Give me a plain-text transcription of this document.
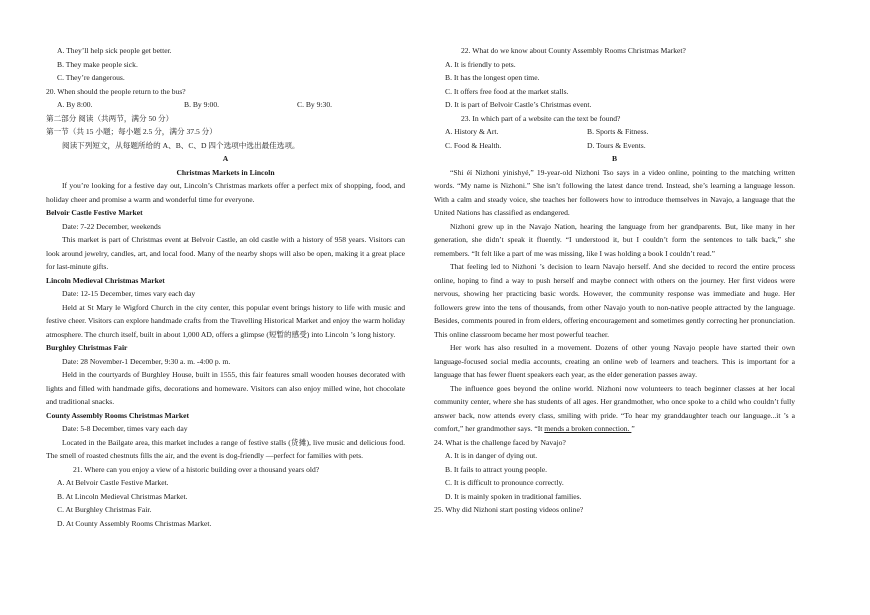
A. They’ll help sick people get better.
B. They make people sick.
C. They’re dangerous.
20. When should the people return to the bus?
A. By 8:00.	B. By 9:00.	C. By 9:30.
第二部分 阅读（共两节，满分 50 分）
第一节（共 15 小题；每小题 2.5 分，满分 37.5 分）
阅读下列短文，从每题所给的 A、B、C、D 四个选项中选出最佳选项。
A
Christmas Markets in Lincoln

If you’re looking for a festive day out, Lincoln’s Christmas markets offer a perfect mix of shopping, food, and holiday cheer and promise a warm and wonderful time for everyone.

Belvoir Castle Festive Market
Date: 7-22 December, weekends

This market is part of Christmas event at Belvoir Castle, an old castle with a history of 958 years. Visitors can look around jewelry, candles, art, and local food. Many of the nearby shops will also be open, making it a great place for last-minute gifts.

Lincoln Medieval Christmas Market
Date: 12-15 December, times vary each day

Held at St Mary le Wigford Church in the city center, this popular event brings history to life with music and festive cheer. Visitors can explore handmade crafts from the Travelling Historical Market and enjoy the warm holiday atmosphere. The church itself, built in about 1,000 AD, offers a glimpse (短暂的感受) into Lincoln ’s long history.

Burghley Christmas Fair
Date: 28 November-1 December, 9:30 a. m. -4:00 p. m.

Held in the courtyards of Burghley House, built in 1555, this fair features small wooden houses decorated with lights and filled with handmade gifts, decorations and homeware. Visitors can also enjoy milled wine, hot chocolate and traditional snacks.

County Assembly Rooms Christmas Market
Date: 5-8 December, times vary each day

Located in the Bailgate area, this market includes a range of festive stalls (货摊), live music and delicious food. The smell of roasted chestnuts fills the air, and the event is dog-friendly —perfect for families with pets.

21. Where can you enjoy a view of a historic building over a thousand years old?
A. At Belvoir Castle Festive Market.
B. At Lincoln Medieval Christmas Market.
C. At Burghley Christmas Fair.
D. At County Assembly Rooms Christmas Market.
22. What do we know about County Assembly Rooms Christmas Market?
A. It is friendly to pets.
B. It has the longest open time.
C. It offers free food at the market stalls.
D. It is part of Belvoir Castle’s Christmas event.
23. In which part of a website can the text be found?
A. History & Art.	B. Sports & Fitness.
C. Food & Health.	D. Tours & Events.
B

“Shi éí Nizhoni yinishyé,” 19-year-old Nizhoni Tso says in a video online, pointing to the matching written words. “My name is Nizhoni.” She isn’t following the latest dance trend. Instead, she’s learning a language lesson. With a calm and steady voice, she teaches her followers how to introduce themselves in Navajo, a language that the United Nations has classified as endangered.

Nizhoni grew up in the Navajo Nation, hearing the language from her grandparents. But, like many in her generation, she didn’t speak it fluently. “I understood it, but I couldn’t form the sentences to talk back,” she remembers. “It felt like a part of me was missing, like I was holding a book I couldn’t read.”

That feeling led to Nizhoni ’s decision to learn Navajo herself. And she decided to record the entire process online, hoping to find a way to push herself and maybe connect with others on the journey. Her first videos were nervous, showing her practicing basic words. However, the community response was immediate and huge. Her followers grew into the tens of thousands, from other Navajo youth to non-native people attracted by the language. Besides, comments poured in from elders, offering encouragement and sometimes gently correcting her pronunciation. This online classroom became her most powerful teacher.

Her work has also resulted in a movement. Dozens of other young Navajo people have started their own language-focused social media accounts, creating an online web of learners and teachers. This is important for a language that has fewer fluent speakers each year, as the elder generation passes away.

The influence goes beyond the online world. Nizhoni now volunteers to teach beginner classes at her local community center, where she has students of all ages. Her grandmother, who once spoke to a child who couldn’t fully answer back, now attends every class, smiling with pride. “To hear my granddaughter teach our language...it ’s a comfort,” her grandmother says. “It mends a broken connection. ”

24. What is the challenge faced by Navajo?
A. It is in danger of dying out.
B. It fails to attract young people.
C. It is difficult to pronounce correctly.
D. It is mainly spoken in traditional families.
25. Why did Nizhoni start posting videos online?
